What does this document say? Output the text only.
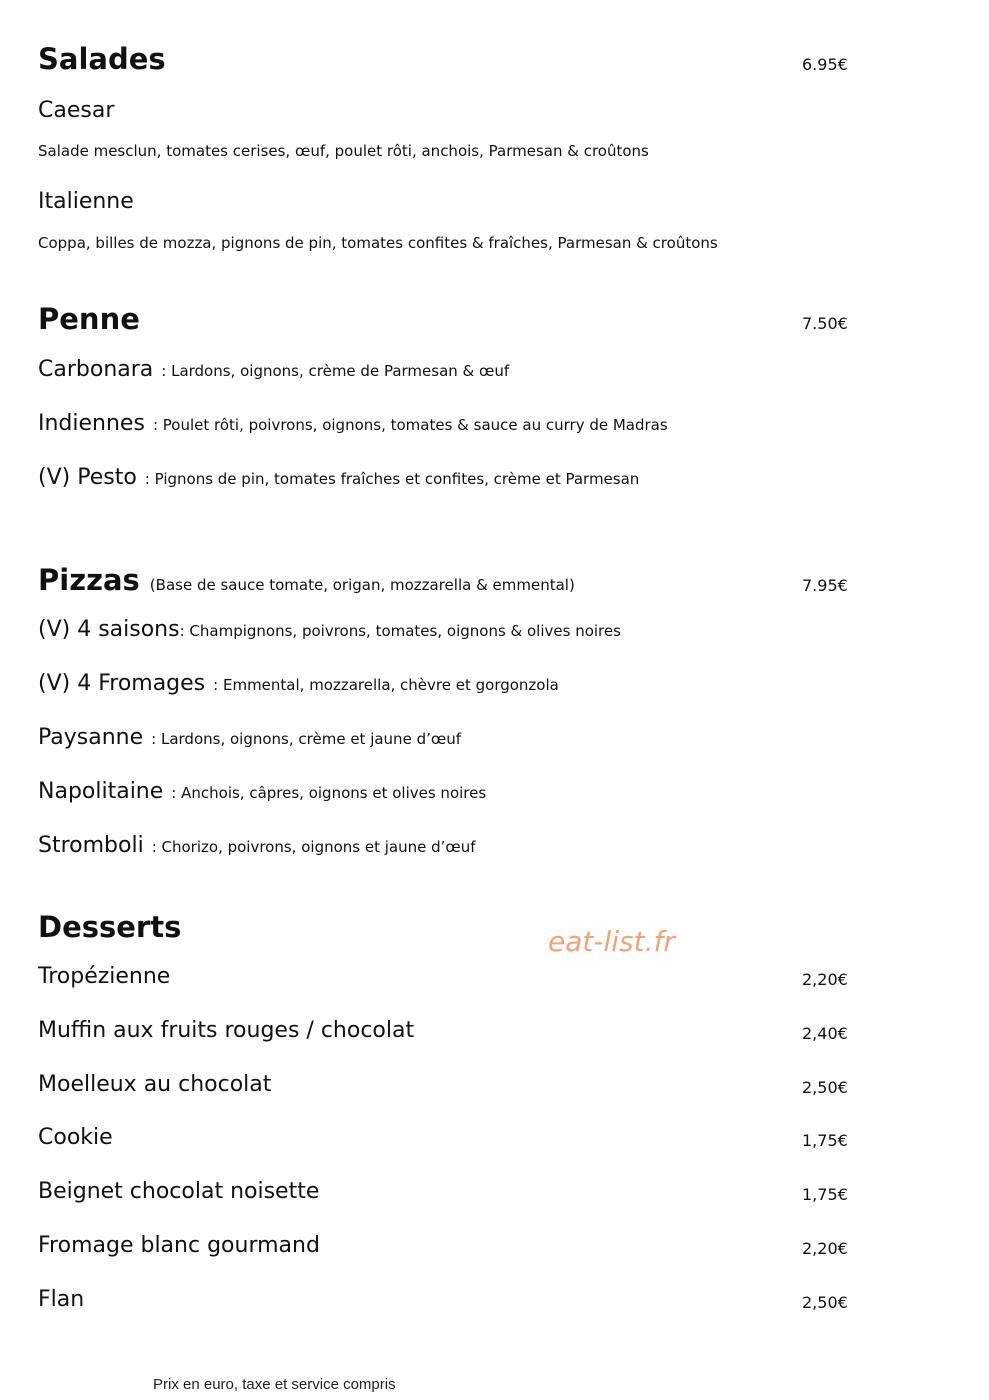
Salades	6.95€
Caesar
Salade mesclun, tomates cerises, œuf, poulet rôti, anchois, Parmesan & croûtons
Italienne
Coppa, billes de mozza, pignons de pin, tomates confites & fraîches, Parmesan & croûtons
Penne	7.50€
Carbonara : Lardons, oignons, crème de Parmesan & œuf
Indiennes : Poulet rôti, poivrons, oignons, tomates & sauce au curry de Madras
(V) Pesto : Pignons de pin, tomates fraîches et confites, crème et Parmesan
Pizzas (Base de sauce tomate, origan, mozzarella & emmental)	7.95€
(V) 4 saisons : Champignons, poivrons, tomates, oignons & olives noires
(V) 4 Fromages : Emmental, mozzarella, chèvre et gorgonzola
Paysanne : Lardons, oignons, crème et jaune d’œuf
Napolitaine : Anchois, câpres, oignons et olives noires
Stromboli : Chorizo, poivrons, oignons et jaune d’œuf
Desserts	eat-list.fr
Tropézienne	2,20€
Muffin aux fruits rouges / chocolat	2,40€
Moelleux au chocolat	2,50€
Cookie	1,75€
Beignet chocolat noisette	1,75€
Fromage blanc gourmand	2,20€
Flan	2,50€
Prix en euro, taxe et service compris
